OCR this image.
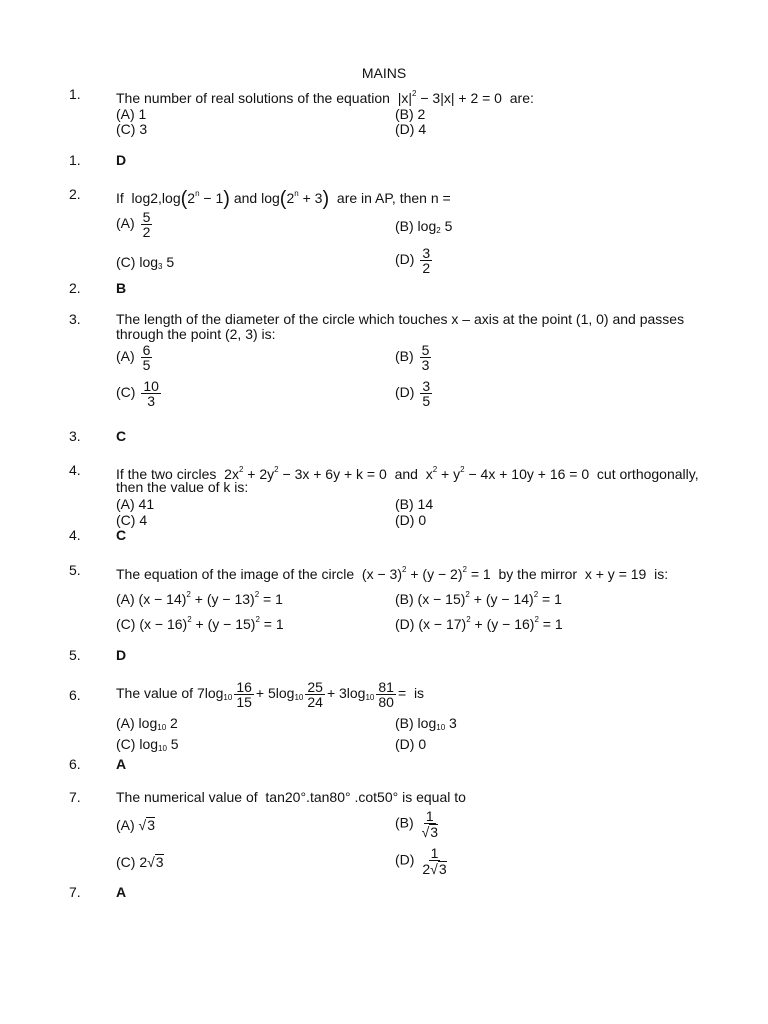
MAINS
1.	The number of real solutions of the equation  $|x|^2 - 3|x| + 2 = 0$  are:
(A) 1	(B) 2
(C) 3	(D) 4
1.	D
2.	If  $\log 2,\log(2^n - 1)$ and $\log(2^n + 3)$ are in AP, then n =
$(A) \frac{5}{2}$	(B) $\log_2 5$
(C) $\log_3 5$	$(D) \frac{3}{2}$
2.	B
3.	The length of the diameter of the circle which touches x – axis at the point (1, 0) and passes
through the point (2, 3) is:
$(A) \frac{6}{5}$	$(B) \frac{5}{3}$
$(C) \frac{10}{3}$	$(D) \frac{3}{5}$
3.	C
4.	If the two circles  $2x^2 + 2y^2 - 3x + 6y + k = 0$  and  $x^2 + y^2 - 4x + 10y + 16 = 0$  cut orthogonally,
then the value of k is:
(A) 41	(B) 14
(C) 4	(D) 0
4.	C
5.	The equation of the image of the circle  $(x - 3)^2 + (y - 2)^2 = 1$  by the mirror  x + y = 19  is:
(A) $(x - 14)^2 + (y - 13)^2 = 1$	(B) $(x - 15)^2 + (y - 14)^2 = 1$
(C) $(x - 16)^2 + (y - 15)^2 = 1$	(D) $(x - 17)^2 + (y - 16)^2 = 1$
5.	D
6.	The value of $7\log_{10} \frac{16}{15} + 5\log_{10} \frac{25}{24} + 3\log_{10} \frac{81}{80}$ =  is
(A) $\log_{10} 2$	(B) $\log_{10} 3$
(C) $\log_{10} 5$	(D) 0
6.	A
7.	The numerical value of  tan20°.tan80° .cot50° is equal to
(A) √3	$(B) \frac{1}{√3}$
(C) 2√3	$(D) \frac{1}{2√3}$
7.	A
